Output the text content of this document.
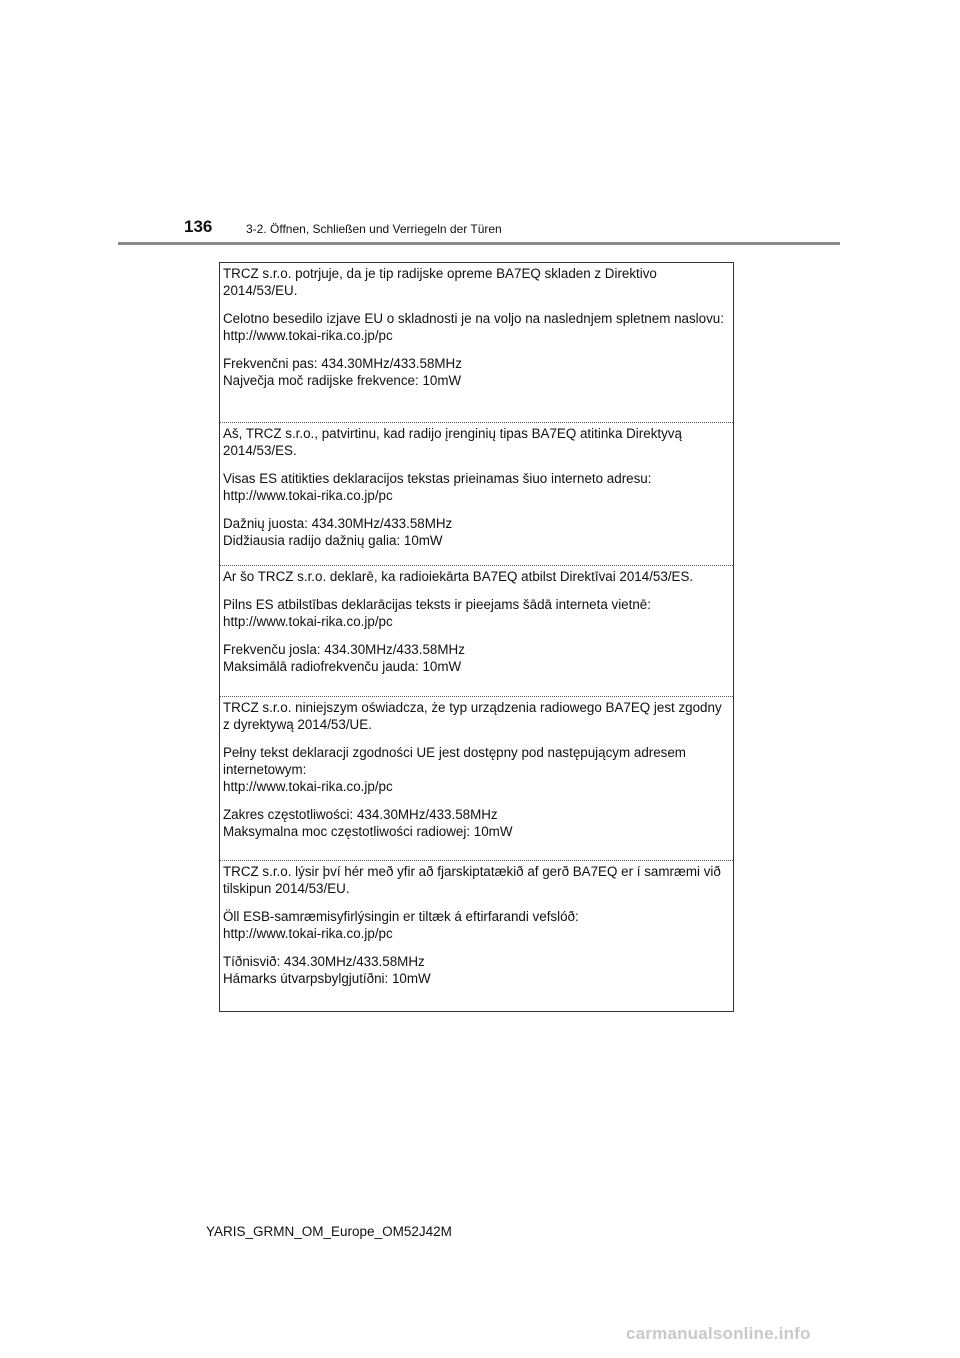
136	3-2. Öffnen, Schließen und Verriegeln der Türen

TRCZ s.r.o. potrjuje, da je tip radijske opreme BA7EQ skladen z Direktivo 2014/53/EU.

Celotno besedilo izjave EU o skladnosti je na voljo na naslednjem spletnem naslovu:

http://www.tokai-rika.co.jp/pc

Frekvenčni pas: 434.30MHz/433.58MHz

Največja moč radijske frekvence: 10mW

Aš, TRCZ s.r.o., patvirtinu, kad radijo įrenginių tipas BA7EQ atitinka Direktyvą 2014/53/ES.

Visas ES atitikties deklaracijos tekstas prieinamas šiuo interneto adresu:

http://www.tokai-rika.co.jp/pc

Dažnių juosta: 434.30MHz/433.58MHz

Didžiausia radijo dažnių galia: 10mW

Ar šo TRCZ s.r.o. deklarē, ka radioiekārta BA7EQ atbilst Direktīvai 2014/53/ES.

Pilns ES atbilstības deklarācijas teksts ir pieejams šādā interneta vietnē:

http://www.tokai-rika.co.jp/pc

Frekvenču josla: 434.30MHz/433.58MHz

Maksimālā radiofrekvenču jauda: 10mW

TRCZ s.r.o. niniejszym oświadcza, że typ urządzenia radiowego BA7EQ jest zgodny z dyrektywą 2014/53/UE.

Pełny tekst deklaracji zgodności UE jest dostępny pod następującym adresem internetowym:

http://www.tokai-rika.co.jp/pc

Zakres częstotliwości: 434.30MHz/433.58MHz

Maksymalna moc częstotliwości radiowej: 10mW

TRCZ s.r.o. lýsir því hér með yfir að fjarskiptatækið af gerð BA7EQ er í samræmi við tilskipun 2014/53/EU.

Öll ESB-samræmisyfirlýsingin er tiltæk á eftirfarandi vefslóð:

http://www.tokai-rika.co.jp/pc

Tíðnisvið: 434.30MHz/433.58MHz

Hámarks útvarpsbylgjutíðni: 10mW

YARIS_GRMN_OM_Europe_OM52J42M
carmanualsonline.info
